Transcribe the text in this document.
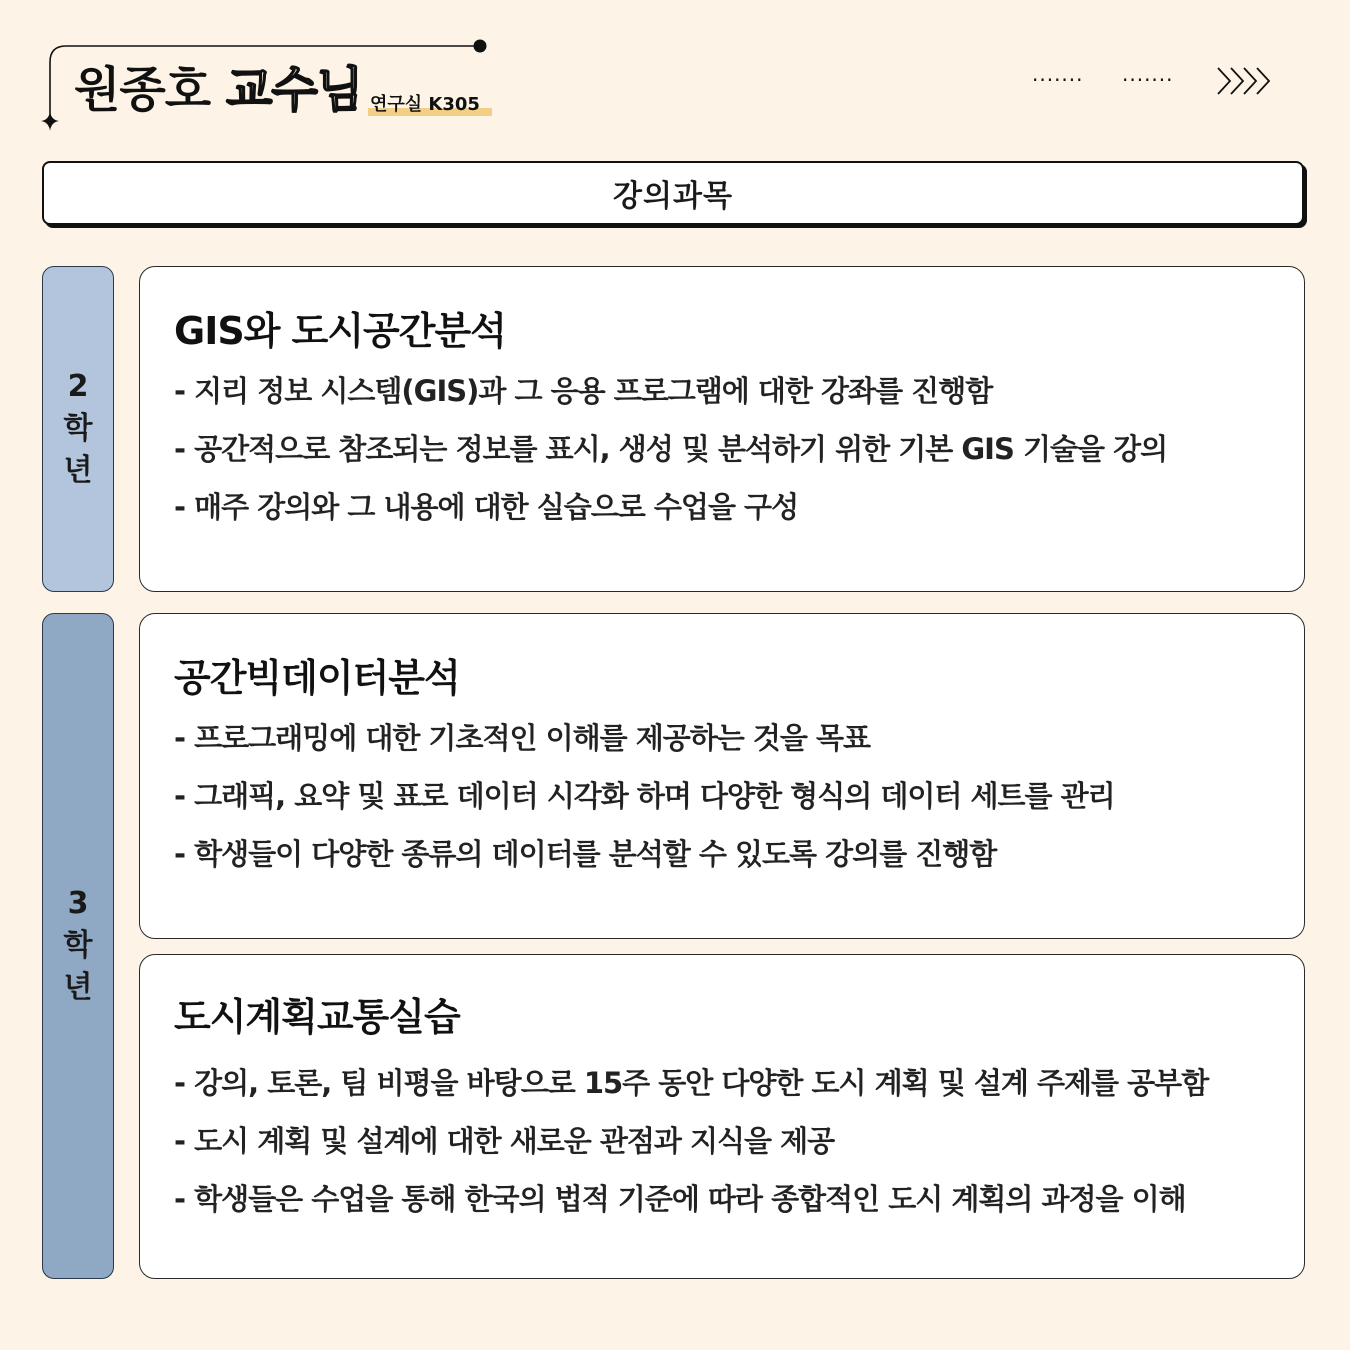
원종호 교수님 연구실 K305
....... .......
강의과목
2
학
년
3
학
년
GIS와 도시공간분석
- 지리 정보 시스템(GIS)과 그 응용 프로그램에 대한 강좌를 진행함
- 공간적으로 참조되는 정보를 표시, 생성 및 분석하기 위한 기본 GIS 기술을 강의
- 매주 강의와 그 내용에 대한 실습으로 수업을 구성
공간빅데이터분석
- 프로그래밍에 대한 기초적인 이해를 제공하는 것을 목표
- 그래픽, 요약 및 표로 데이터 시각화 하며 다양한 형식의 데이터 세트를 관리
- 학생들이 다양한 종류의 데이터를 분석할 수 있도록 강의를 진행함
도시계획교통실습
- 강의, 토론, 팀 비평을 바탕으로 15주 동안 다양한 도시 계획 및 설계 주제를 공부함
- 도시 계획 및 설계에 대한 새로운 관점과 지식을 제공
- 학생들은 수업을 통해 한국의 법적 기준에 따라 종합적인 도시 계획의 과정을 이해
